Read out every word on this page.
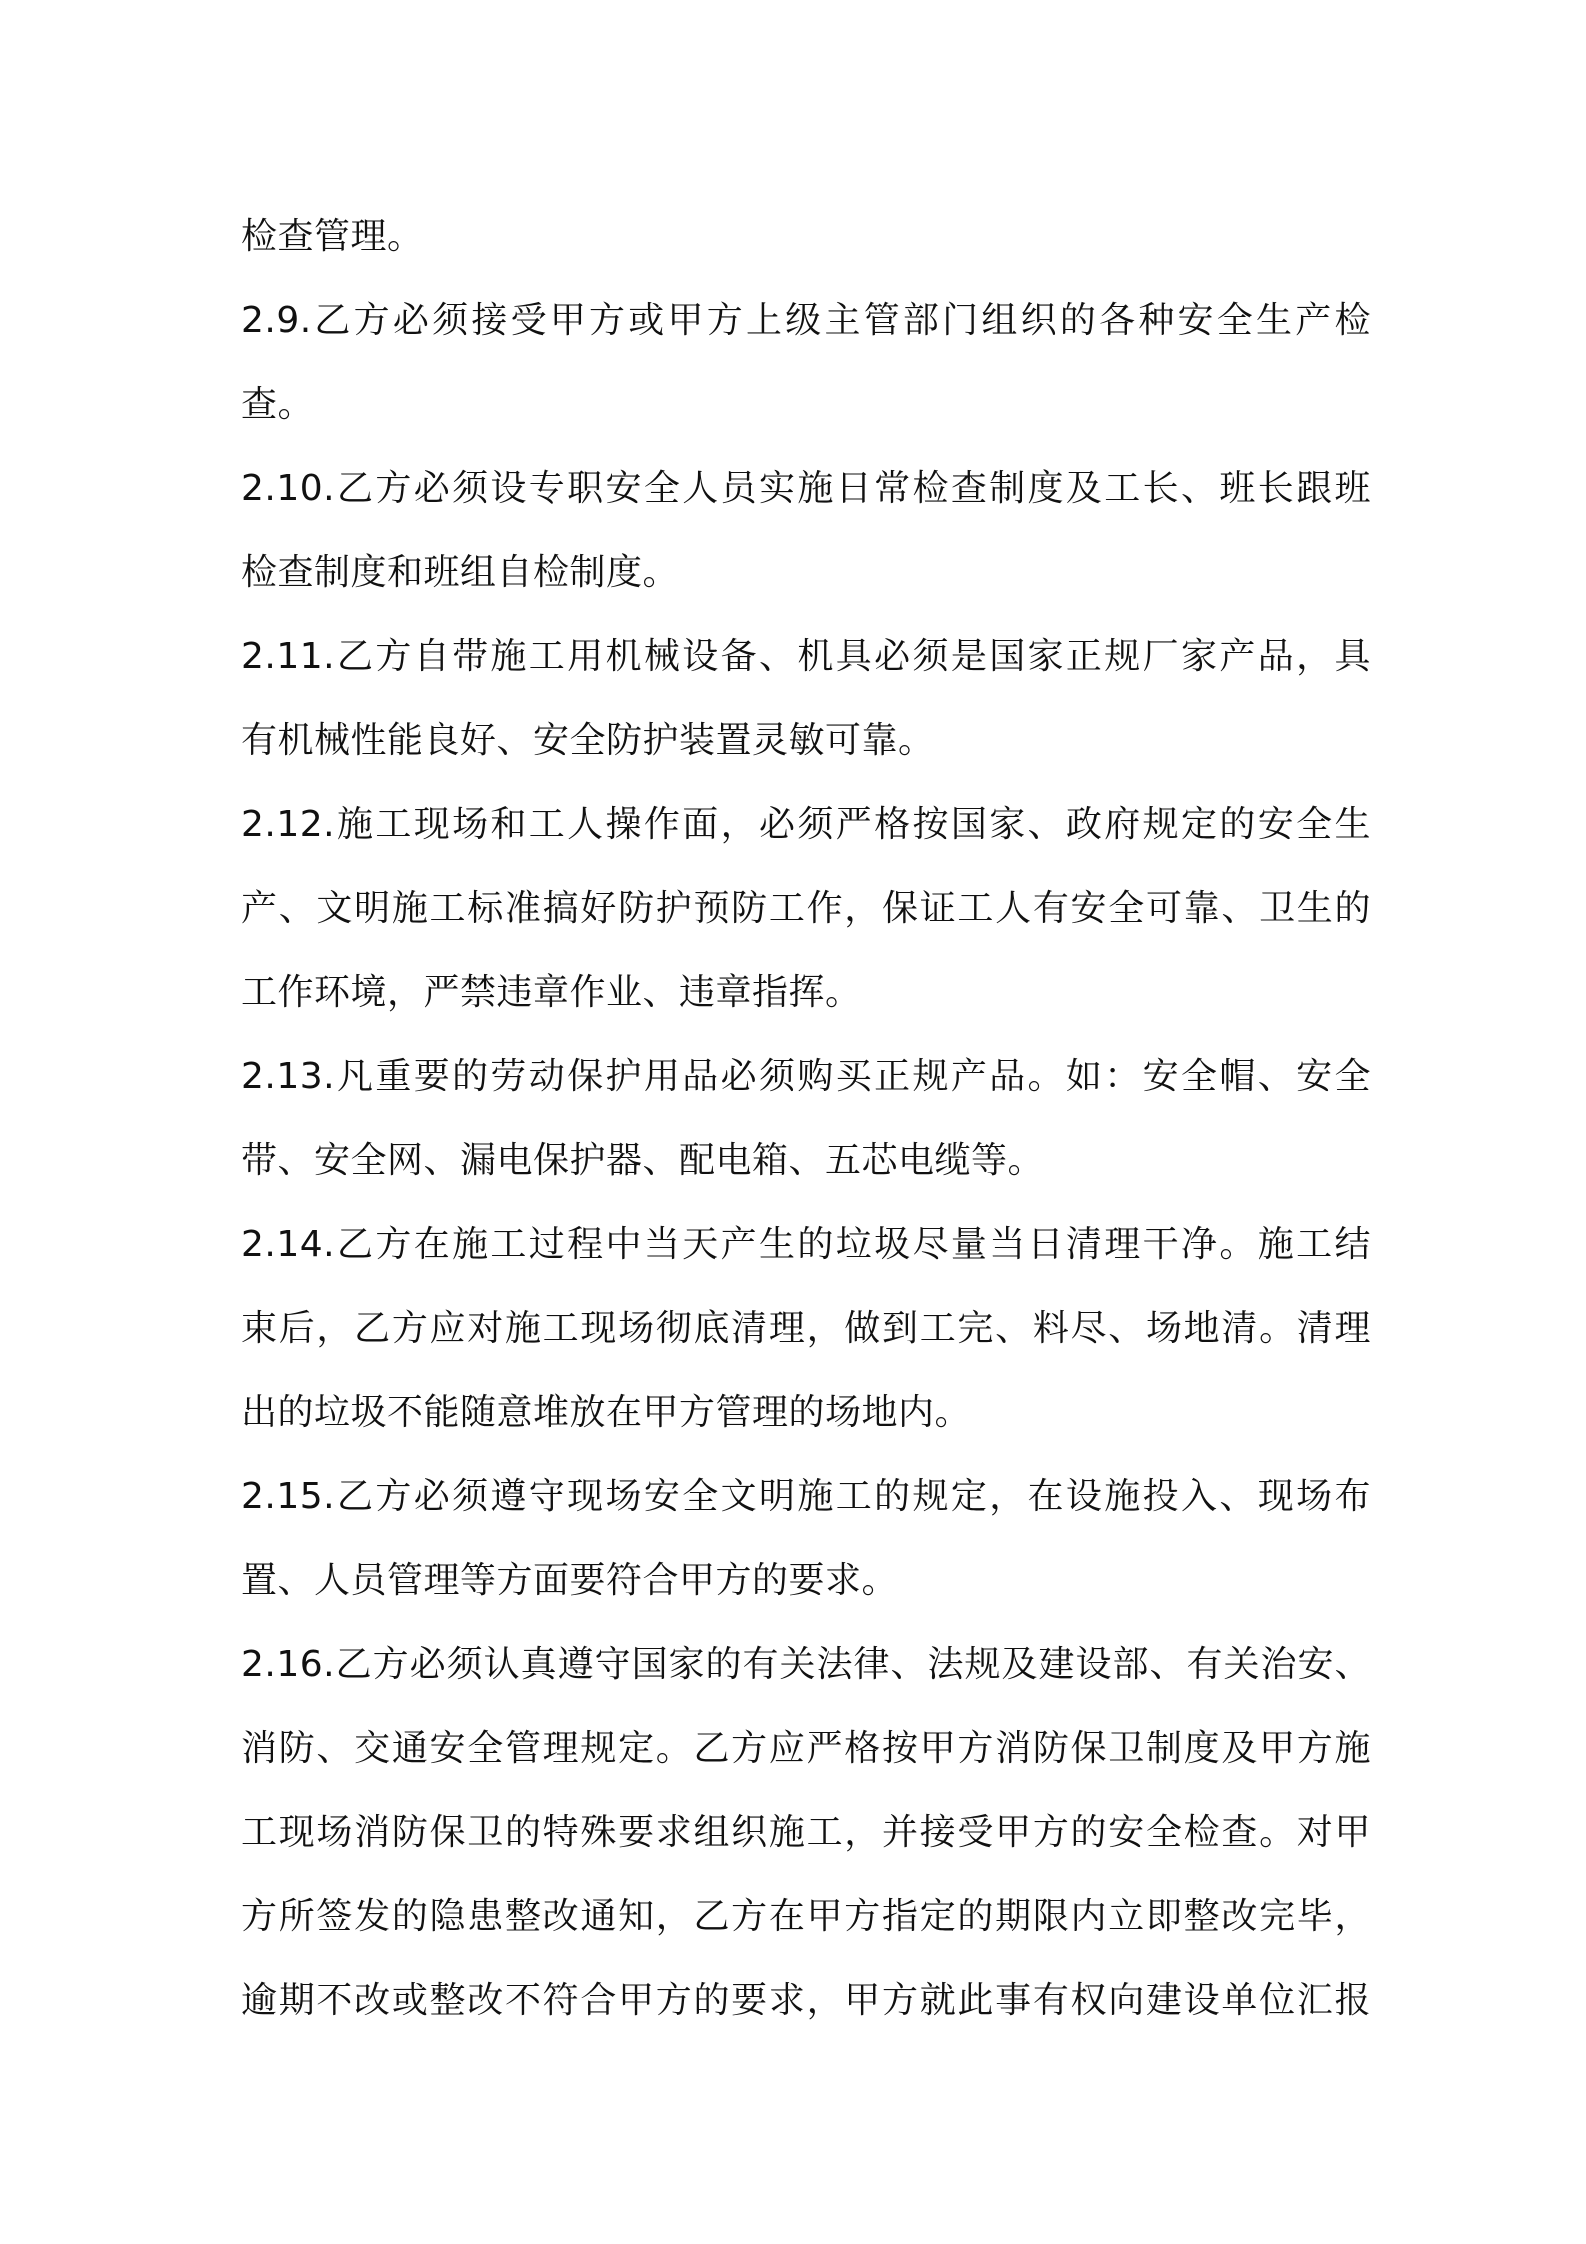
检查管理。
2.9.乙方必须接受甲方或甲方上级主管部门组织的各种安全生产检
查。
2.10.乙方必须设专职安全人员实施日常检查制度及工长、班长跟班
检查制度和班组自检制度。
2.11.乙方自带施工用机械设备、机具必须是国家正规厂家产品，具
有机械性能良好、安全防护装置灵敏可靠。
2.12.施工现场和工人操作面，必须严格按国家、政府规定的安全生
产、文明施工标准搞好防护预防工作，保证工人有安全可靠、卫生的
工作环境，严禁违章作业、违章指挥。
2.13.凡重要的劳动保护用品必须购买正规产品。如：安全帽、安全
带、安全网、漏电保护器、配电箱、五芯电缆等。
2.14.乙方在施工过程中当天产生的垃圾尽量当日清理干净。施工结
束后，乙方应对施工现场彻底清理，做到工完、料尽、场地清。清理
出的垃圾不能随意堆放在甲方管理的场地内。
2.15.乙方必须遵守现场安全文明施工的规定，在设施投入、现场布
置、人员管理等方面要符合甲方的要求。
2.16.乙方必须认真遵守国家的有关法律、法规及建设部、有关治安、
消防、交通安全管理规定。乙方应严格按甲方消防保卫制度及甲方施
工现场消防保卫的特殊要求组织施工，并接受甲方的安全检查。对甲
方所签发的隐患整改通知，乙方在甲方指定的期限内立即整改完毕，
逾期不改或整改不符合甲方的要求，甲方就此事有权向建设单位汇报
